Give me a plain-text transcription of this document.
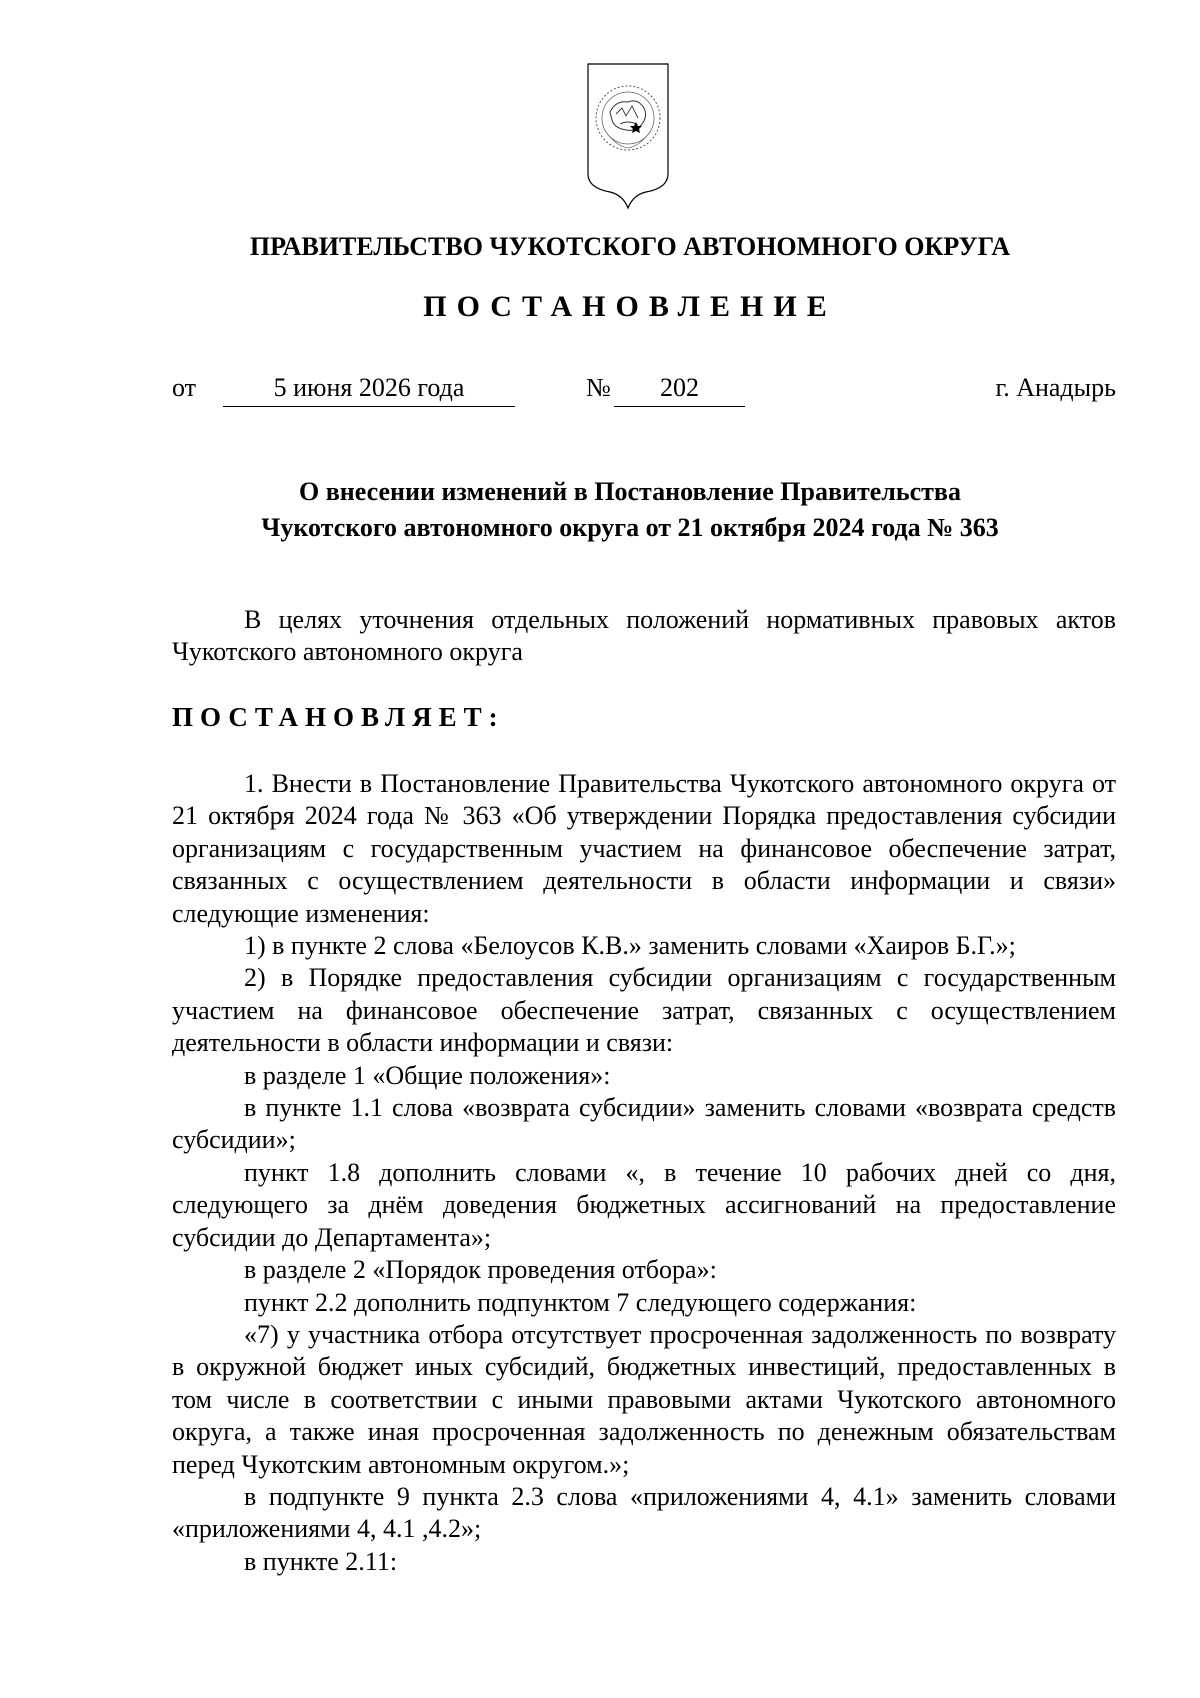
ПРАВИТЕЛЬСТВО ЧУКОТСКОГО АВТОНОМНОГО ОКРУГА
ПОСТАНОВЛЕНИЕ
от	5 июня 2026 года	№	202	г. Анадырь
О внесении изменений в Постановление Правительства
Чукотского автономного округа от 21 октября 2024 года № 363

В целях уточнения отдельных положений нормативных правовых актов Чукотского автономного округа

ПОСТАНОВЛЯЕТ:

1. Внести в Постановление Правительства Чукотского автономного округа от 21 октября 2024 года № 363 «Об утверждении Порядка предоставления субсидии организациям с государственным участием на финансовое обеспечение затрат, связанных с осуществлением деятельности в области информации и связи» следующие изменения:

1) в пункте 2 слова «Белоусов К.В.» заменить словами «Хаиров Б.Г.»;

2) в Порядке предоставления субсидии организациям с государственным участием на финансовое обеспечение затрат, связанных с осуществлением деятельности в области информации и связи:

в разделе 1 «Общие положения»:

в пункте 1.1 слова «возврата субсидии» заменить словами «возврата средств субсидии»;

пункт 1.8 дополнить словами «, в течение 10 рабочих дней со дня, следующего за днём доведения бюджетных ассигнований на предоставление субсидии до Департамента»;

в разделе 2 «Порядок проведения отбора»:

пункт 2.2 дополнить подпунктом 7 следующего содержания:

«7) у участника отбора отсутствует просроченная задолженность по возврату в окружной бюджет иных субсидий, бюджетных инвестиций, предоставленных в том числе в соответствии с иными правовыми актами Чукотского автономного округа, а также иная просроченная задолженность по денежным обязательствам перед Чукотским автономным округом.»;

в подпункте 9 пункта 2.3 слова «приложениями 4, 4.1» заменить словами «приложениями 4, 4.1 ,4.2»;

в пункте 2.11:
